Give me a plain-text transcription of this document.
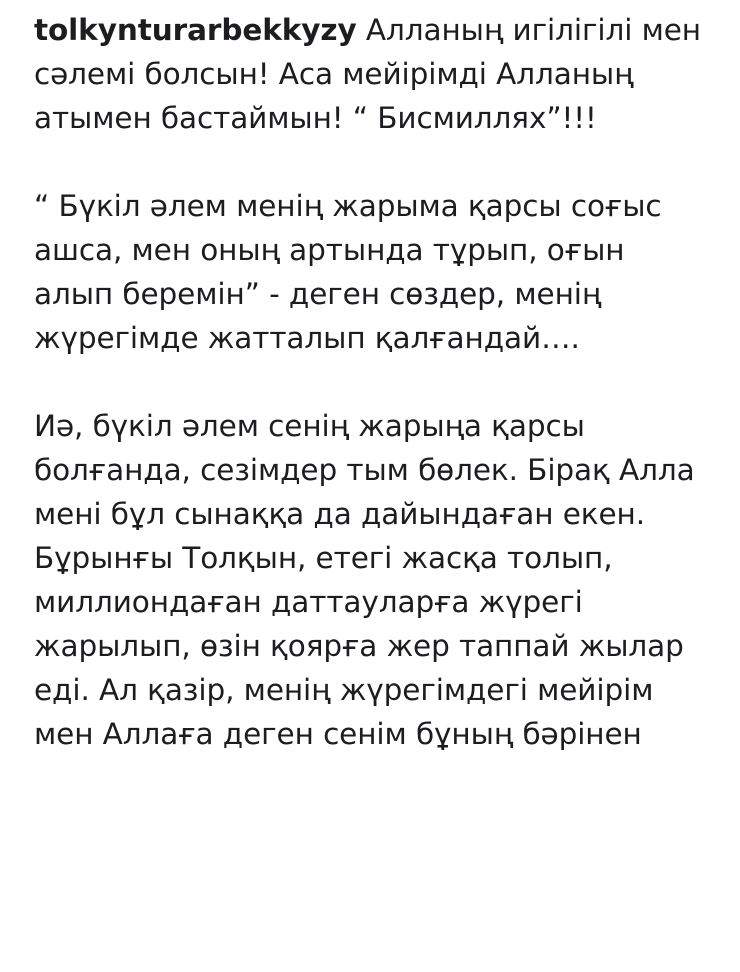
tolkynturarbekkyzy Алланың игілігілі мен сәлемі болсын! Аса мейірімді Алланың атымен бастаймын! “ Бисмиллях”!!!

“ Бүкіл әлем менің жарыма қарсы соғыс ашса, мен оның артында тұрып, оғын алып беремін” - деген сөздер, менің жүрегімде жатталып қалғандай….

Иә, бүкіл әлем сенің жарыңа қарсы болғанда, сезімдер тым бөлек. Бірақ Алла мені бұл сынаққа да дайындаған екен. Бұрынғы Толқын, етегі жасқа толып, миллиондаған даттауларға жүрегі жарылып, өзін қоярға жер таппай жылар еді. Ал қазір, менің жүрегімдегі мейірім мен Аллаға деген сенім бұның бәрінен
